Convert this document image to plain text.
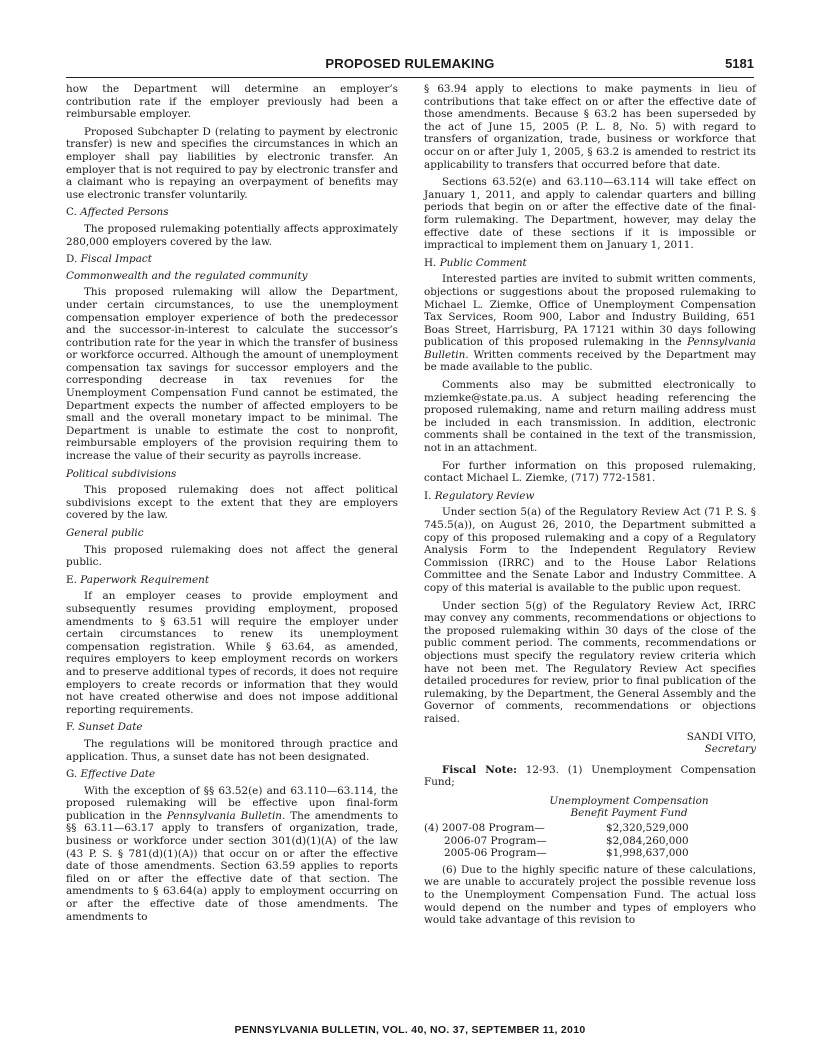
PROPOSED RULEMAKING	5181

how the Department will determine an employer’s contribution rate if the employer previously had been a reimbursable employer.

Proposed Subchapter D (relating to payment by electronic transfer) is new and specifies the circumstances in which an employer shall pay liabilities by electronic transfer. An employer that is not required to pay by electronic transfer and a claimant who is repaying an overpayment of benefits may use electronic transfer voluntarily.

C. Affected Persons

The proposed rulemaking potentially affects approximately 280,000 employers covered by the law.

D. Fiscal Impact
Commonwealth and the regulated community

This proposed rulemaking will allow the Department, under certain circumstances, to use the unemployment compensation employer experience of both the predecessor and the successor-in-interest to calculate the successor’s contribution rate for the year in which the transfer of business or workforce occurred. Although the amount of unemployment compensation tax savings for successor employers and the corresponding decrease in tax revenues for the Unemployment Compensation Fund cannot be estimated, the Department expects the number of affected employers to be small and the overall monetary impact to be minimal. The Department is unable to estimate the cost to nonprofit, reimbursable employers of the provision requiring them to increase the value of their security as payrolls increase.

Political subdivisions

This proposed rulemaking does not affect political subdivisions except to the extent that they are employers covered by the law.

General public

This proposed rulemaking does not affect the general public.

E. Paperwork Requirement

If an employer ceases to provide employment and subsequently resumes providing employment, proposed amendments to § 63.51 will require the employer under certain circumstances to renew its unemployment compensation registration. While § 63.64, as amended, requires employers to keep employment records on workers and to preserve additional types of records, it does not require employers to create records or information that they would not have created otherwise and does not impose additional reporting requirements.

F. Sunset Date

The regulations will be monitored through practice and application. Thus, a sunset date has not been designated.

G. Effective Date

With the exception of §§ 63.52(e) and 63.110—63.114, the proposed rulemaking will be effective upon final-form publication in the Pennsylvania Bulletin. The amendments to §§ 63.11—63.17 apply to transfers of organization, trade, business or workforce under section 301(d)(1)(A) of the law (43 P. S. § 781(d)(1)(A)) that occur on or after the effective date of those amendments. Section 63.59 applies to reports filed on or after the effective date of that section. The amendments to § 63.64(a) apply to employment occurring on or after the effective date of those amendments. The amendments to

§ 63.94 apply to elections to make payments in lieu of contributions that take effect on or after the effective date of those amendments. Because § 63.2 has been superseded by the act of June 15, 2005 (P. L. 8, No. 5) with regard to transfers of organization, trade, business or workforce that occur on or after July 1, 2005, § 63.2 is amended to restrict its applicability to transfers that occurred before that date.

Sections 63.52(e) and 63.110—63.114 will take effect on January 1, 2011, and apply to calendar quarters and billing periods that begin on or after the effective date of the final-form rulemaking. The Department, however, may delay the effective date of these sections if it is impossible or impractical to implement them on January 1, 2011.

H. Public Comment

Interested parties are invited to submit written comments, objections or suggestions about the proposed rulemaking to Michael L. Ziemke, Office of Unemployment Compensation Tax Services, Room 900, Labor and Industry Building, 651 Boas Street, Harrisburg, PA 17121 within 30 days following publication of this proposed rulemaking in the Pennsylvania Bulletin. Written comments received by the Department may be made available to the public.

Comments also may be submitted electronically to mziemke@state.pa.us. A subject heading referencing the proposed rulemaking, name and return mailing address must be included in each transmission. In addition, electronic comments shall be contained in the text of the transmission, not in an attachment.

For further information on this proposed rulemaking, contact Michael L. Ziemke, (717) 772-1581.

I. Regulatory Review

Under section 5(a) of the Regulatory Review Act (71 P. S. § 745.5(a)), on August 26, 2010, the Department submitted a copy of this proposed rulemaking and a copy of a Regulatory Analysis Form to the Independent Regulatory Review Commission (IRRC) and to the House Labor Relations Committee and the Senate Labor and Industry Committee. A copy of this material is available to the public upon request.

Under section 5(g) of the Regulatory Review Act, IRRC may convey any comments, recommendations or objections to the proposed rulemaking within 30 days of the close of the public comment period. The comments, recommendations or objections must specify the regulatory review criteria which have not been met. The Regulatory Review Act specifies detailed procedures for review, prior to final publication of the rulemaking, by the Department, the General Assembly and the Governor of comments, recommendations or objections raised.

SANDI VITO,
Secretary

Fiscal Note: 12-93. (1) Unemployment Compensation Fund;

Unemployment Compensation
Benefit Payment Fund
(4) 2007-08 Program—	$2,320,529,000
2006-07 Program—	$2,084,260,000
2005-06 Program—	$1,998,637,000

(6) Due to the highly specific nature of these calculations, we are unable to accurately project the possible revenue loss to the Unemployment Compensation Fund. The actual loss would depend on the number and types of employers who would take advantage of this revision to

PENNSYLVANIA BULLETIN, VOL. 40, NO. 37, SEPTEMBER 11, 2010
